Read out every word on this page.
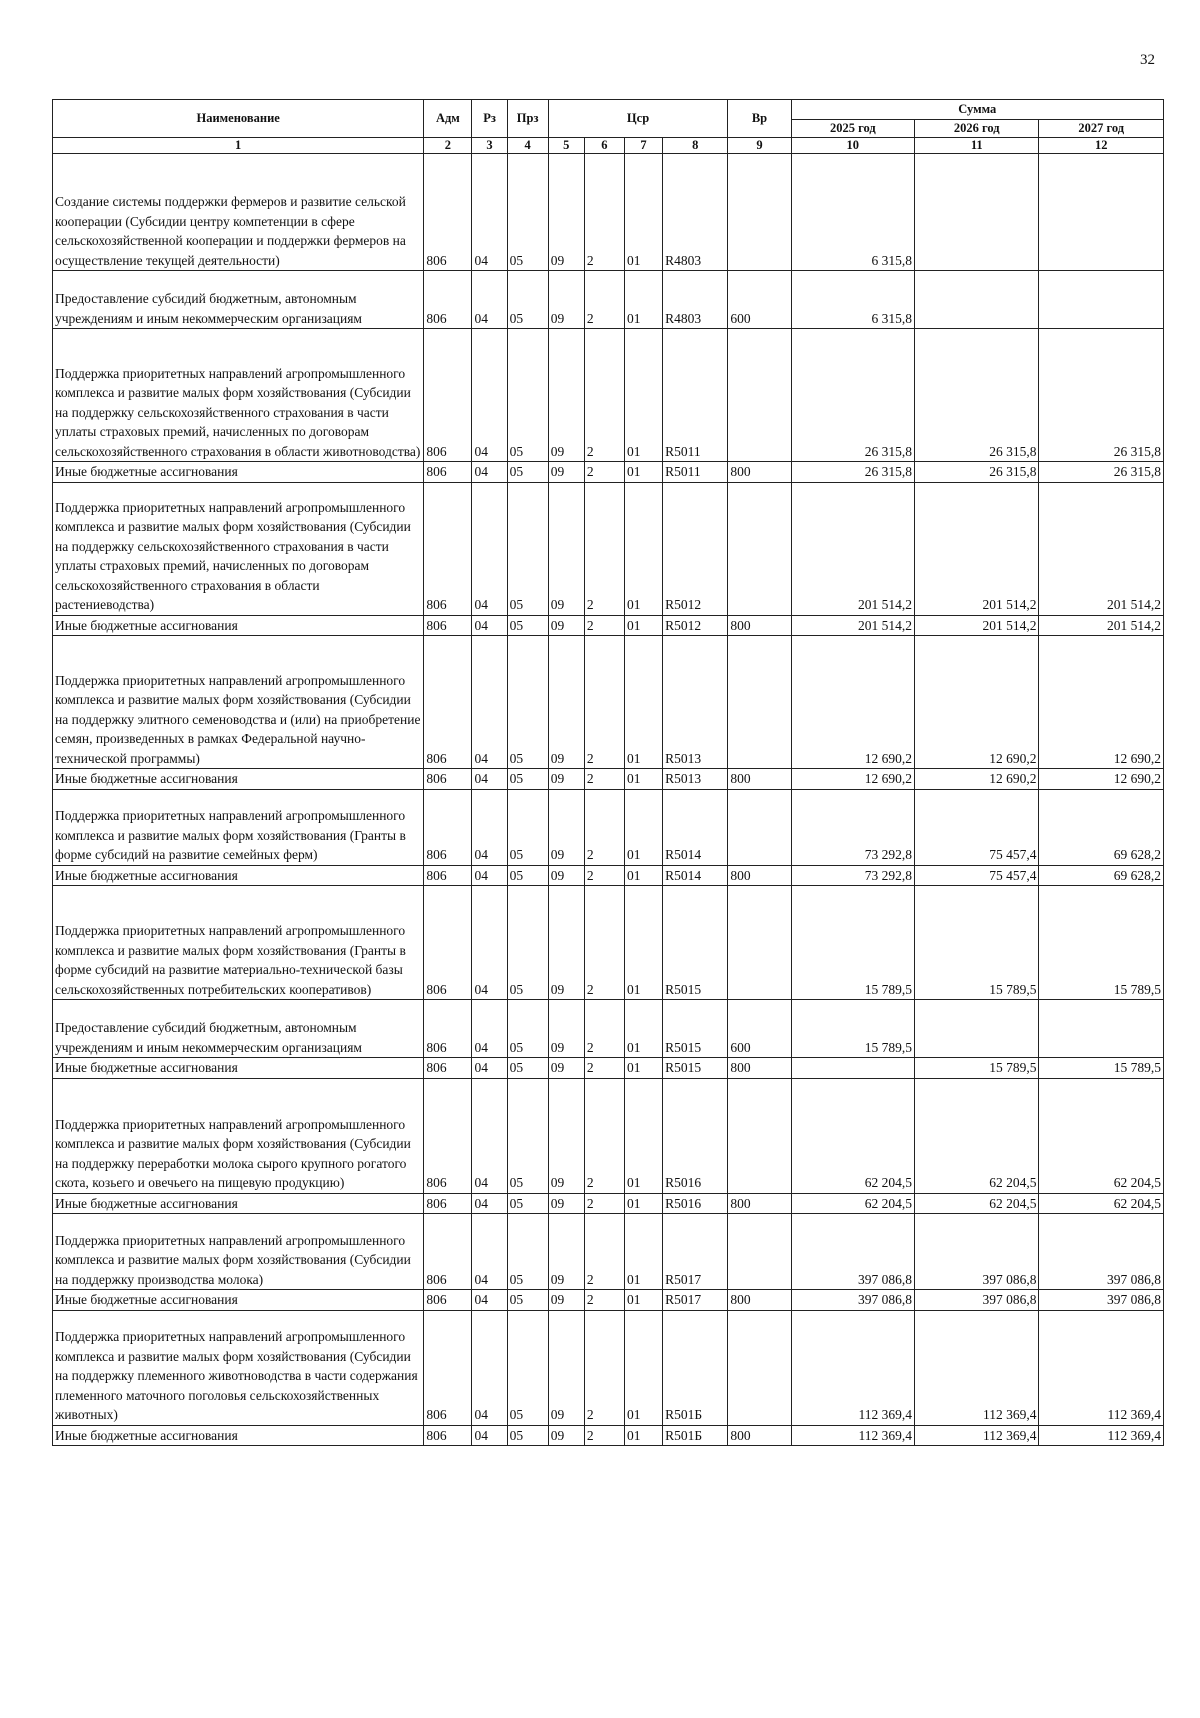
32
Наименование	Адм	Рз	Прз	Цср				Вр	Сумма		
									2025 год	2026 год	2027 год
1	2	3	4	5	6	7	8	9	10	11	12
Создание системы поддержки фермеров и развитие сельской кооперации (Субсидии центру компетенции в сфере сельскохозяйственной кооперации и поддержки фермеров на осуществление текущей деятельности)	806	04	05	09	2	01	R4803		6 315,8		
Предоставление субсидий бюджетным, автономным учреждениям и иным некоммерческим организациям	806	04	05	09	2	01	R4803	600	6 315,8		
Поддержка приоритетных направлений агропромышленного комплекса и развитие малых форм хозяйствования (Субсидии на поддержку сельскохозяйственного страхования в части уплаты страховых премий, начисленных по договорам сельскохозяйственного страхования в области животноводства)	806	04	05	09	2	01	R5011		26 315,8	26 315,8	26 315,8
Иные бюджетные ассигнования	806	04	05	09	2	01	R5011	800	26 315,8	26 315,8	26 315,8
Поддержка приоритетных направлений агропромышленного комплекса и развитие малых форм хозяйствования (Субсидии на поддержку сельскохозяйственного страхования в части уплаты страховых премий, начисленных по договорам сельскохозяйственного страхования в области растениеводства)	806	04	05	09	2	01	R5012		201 514,2	201 514,2	201 514,2
Иные бюджетные ассигнования	806	04	05	09	2	01	R5012	800	201 514,2	201 514,2	201 514,2
Поддержка приоритетных направлений агропромышленного комплекса и развитие малых форм хозяйствования (Субсидии на поддержку элитного семеноводства и (или) на приобретение семян, произведенных в рамках Федеральной научно-технической программы)	806	04	05	09	2	01	R5013		12 690,2	12 690,2	12 690,2
Иные бюджетные ассигнования	806	04	05	09	2	01	R5013	800	12 690,2	12 690,2	12 690,2
Поддержка приоритетных направлений агропромышленного комплекса и развитие малых форм хозяйствования (Гранты в форме субсидий на развитие семейных ферм)	806	04	05	09	2	01	R5014		73 292,8	75 457,4	69 628,2
Иные бюджетные ассигнования	806	04	05	09	2	01	R5014	800	73 292,8	75 457,4	69 628,2
Поддержка приоритетных направлений агропромышленного комплекса и развитие малых форм хозяйствования (Гранты в форме субсидий на развитие материально-технической базы сельскохозяйственных потребительских кооперативов)	806	04	05	09	2	01	R5015		15 789,5	15 789,5	15 789,5
Предоставление субсидий бюджетным, автономным учреждениям и иным некоммерческим организациям	806	04	05	09	2	01	R5015	600	15 789,5		
Иные бюджетные ассигнования	806	04	05	09	2	01	R5015	800		15 789,5	15 789,5
Поддержка приоритетных направлений агропромышленного комплекса и развитие малых форм хозяйствования (Субсидии на поддержку переработки молока сырого крупного рогатого скота, козьего и овечьего на пищевую продукцию)	806	04	05	09	2	01	R5016		62 204,5	62 204,5	62 204,5
Иные бюджетные ассигнования	806	04	05	09	2	01	R5016	800	62 204,5	62 204,5	62 204,5
Поддержка приоритетных направлений агропромышленного комплекса и развитие малых форм хозяйствования (Субсидии на поддержку производства молока)	806	04	05	09	2	01	R5017		397 086,8	397 086,8	397 086,8
Иные бюджетные ассигнования	806	04	05	09	2	01	R5017	800	397 086,8	397 086,8	397 086,8
Поддержка приоритетных направлений агропромышленного комплекса и развитие малых форм хозяйствования (Субсидии на поддержку племенного животноводства в части содержания племенного маточного поголовья сельскохозяйственных животных)	806	04	05	09	2	01	R501Б		112 369,4	112 369,4	112 369,4
Иные бюджетные ассигнования	806	04	05	09	2	01	R501Б	800	112 369,4	112 369,4	112 369,4
